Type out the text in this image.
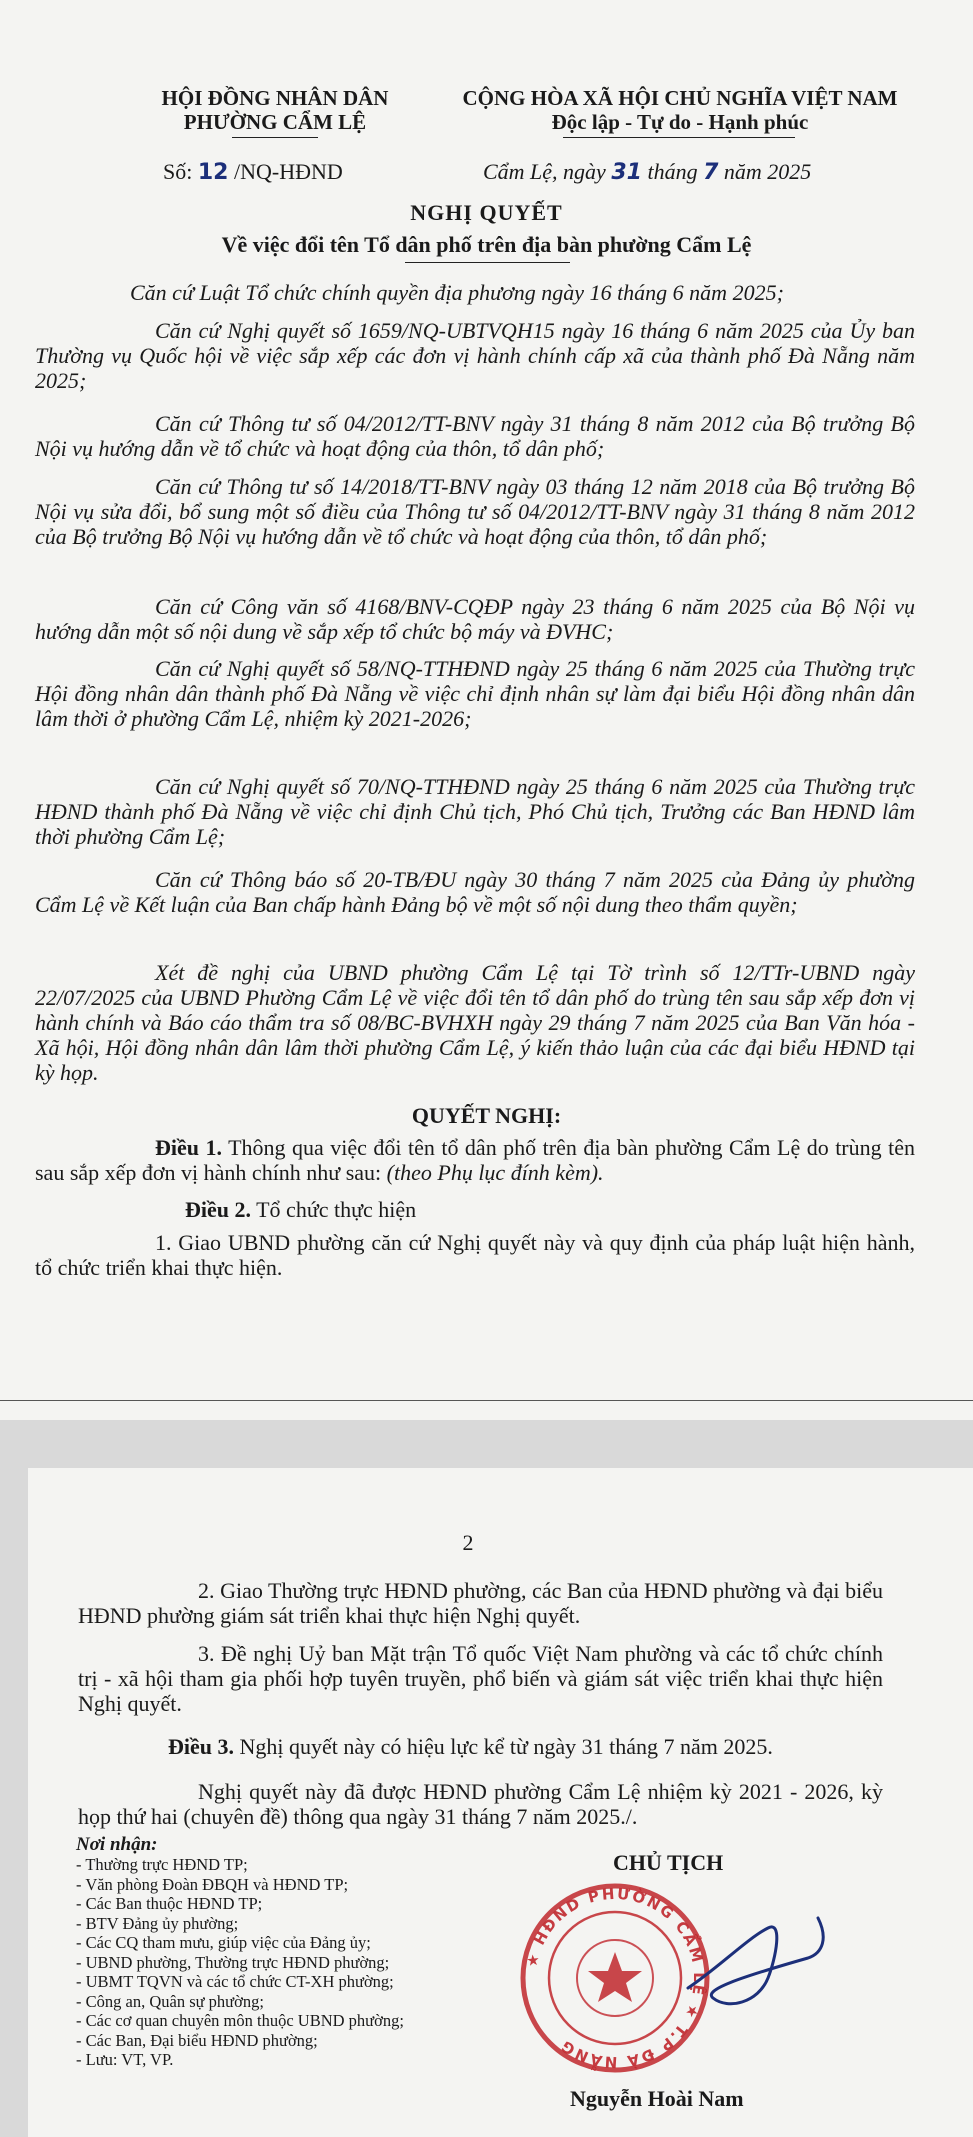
HỘI ĐỒNG NHÂN DÂN
PHƯỜNG CẨM LỆ
CỘNG HÒA XÃ HỘI CHỦ NGHĨA VIỆT NAM
Độc lập - Tự do - Hạnh phúc
Số: 12 /NQ-HĐND	Cẩm Lệ, ngày 31 tháng 7 năm 2025
NGHỊ QUYẾT
Về việc đổi tên Tổ dân phố trên địa bàn phường Cẩm Lệ
Căn cứ Luật Tổ chức chính quyền địa phương ngày 16 tháng 6 năm 2025;
Căn cứ Nghị quyết số 1659/NQ-UBTVQH15 ngày 16 tháng 6 năm 2025 của Ủy ban Thường vụ Quốc hội về việc sắp xếp các đơn vị hành chính cấp xã của thành phố Đà Nẵng năm 2025;
Căn cứ Thông tư số 04/2012/TT-BNV ngày 31 tháng 8 năm 2012 của Bộ trưởng Bộ Nội vụ hướng dẫn về tổ chức và hoạt động của thôn, tổ dân phố;
Căn cứ Thông tư số 14/2018/TT-BNV ngày 03 tháng 12 năm 2018 của Bộ trưởng Bộ Nội vụ sửa đổi, bổ sung một số điều của Thông tư số 04/2012/TT-BNV ngày 31 tháng 8 năm 2012 của Bộ trưởng Bộ Nội vụ hướng dẫn về tổ chức và hoạt động của thôn, tổ dân phố;
Căn cứ Công văn số 4168/BNV-CQĐP ngày 23 tháng 6 năm 2025 của Bộ Nội vụ hướng dẫn một số nội dung về sắp xếp tổ chức bộ máy và ĐVHC;
Căn cứ Nghị quyết số 58/NQ-TTHĐND ngày 25 tháng 6 năm 2025 của Thường trực Hội đồng nhân dân thành phố Đà Nẵng về việc chỉ định nhân sự làm đại biểu Hội đồng nhân dân lâm thời ở phường Cẩm Lệ, nhiệm kỳ 2021-2026;
Căn cứ Nghị quyết số 70/NQ-TTHĐND ngày 25 tháng 6 năm 2025 của Thường trực HĐND thành phố Đà Nẵng về việc chỉ định Chủ tịch, Phó Chủ tịch, Trưởng các Ban HĐND lâm thời phường Cẩm Lệ;
Căn cứ Thông báo số 20-TB/ĐU ngày 30 tháng 7 năm 2025 của Đảng ủy phường Cẩm Lệ về Kết luận của Ban chấp hành Đảng bộ về một số nội dung theo thẩm quyền;
Xét đề nghị của UBND phường Cẩm Lệ tại Tờ trình số 12/TTr-UBND ngày 22/07/2025 của UBND Phường Cẩm Lệ về việc đổi tên tổ dân phố do trùng tên sau sắp xếp đơn vị hành chính và Báo cáo thẩm tra số 08/BC-BVHXH ngày 29 tháng 7 năm 2025 của Ban Văn hóa - Xã hội, Hội đồng nhân dân lâm thời phường Cẩm Lệ, ý kiến thảo luận của các đại biểu HĐND tại kỳ họp.
QUYẾT NGHỊ:
Điều 1. Thông qua việc đổi tên tổ dân phố trên địa bàn phường Cẩm Lệ do trùng tên sau sắp xếp đơn vị hành chính như sau: (theo Phụ lục đính kèm).
Điều 2. Tổ chức thực hiện
1. Giao UBND phường căn cứ Nghị quyết này và quy định của pháp luật hiện hành, tổ chức triển khai thực hiện.
2
2. Giao Thường trực HĐND phường, các Ban của HĐND phường và đại biểu HĐND phường giám sát triển khai thực hiện Nghị quyết.
3. Đề nghị Uỷ ban Mặt trận Tổ quốc Việt Nam phường và các tổ chức chính trị - xã hội tham gia phối hợp tuyên truyền, phổ biến và giám sát việc triển khai thực hiện Nghị quyết.
Điều 3. Nghị quyết này có hiệu lực kể từ ngày 31 tháng 7 năm 2025.
Nghị quyết này đã được HĐND phường Cẩm Lệ nhiệm kỳ 2021 - 2026, kỳ họp thứ hai (chuyên đề) thông qua ngày 31 tháng 7 năm 2025./.
Nơi nhận:
- Thường trực HĐND TP;
- Văn phòng Đoàn ĐBQH và HĐND TP;
- Các Ban thuộc HĐND TP;
- BTV Đảng ủy phường;
- Các CQ tham mưu, giúp việc của Đảng ủy;
- UBND phường, Thường trực HĐND phường;
- UBMT TQVN và các tổ chức CT-XH phường;
- Công an, Quân sự phường;
- Các cơ quan chuyên môn thuộc UBND phường;
- Các Ban, Đại biểu HĐND phường;
- Lưu: VT, VP.
CHỦ TỊCH
★ HĐND PHƯỜNG CẨM LỆ ★ T.P ĐÀ NẴNG
Nguyễn Hoài Nam
